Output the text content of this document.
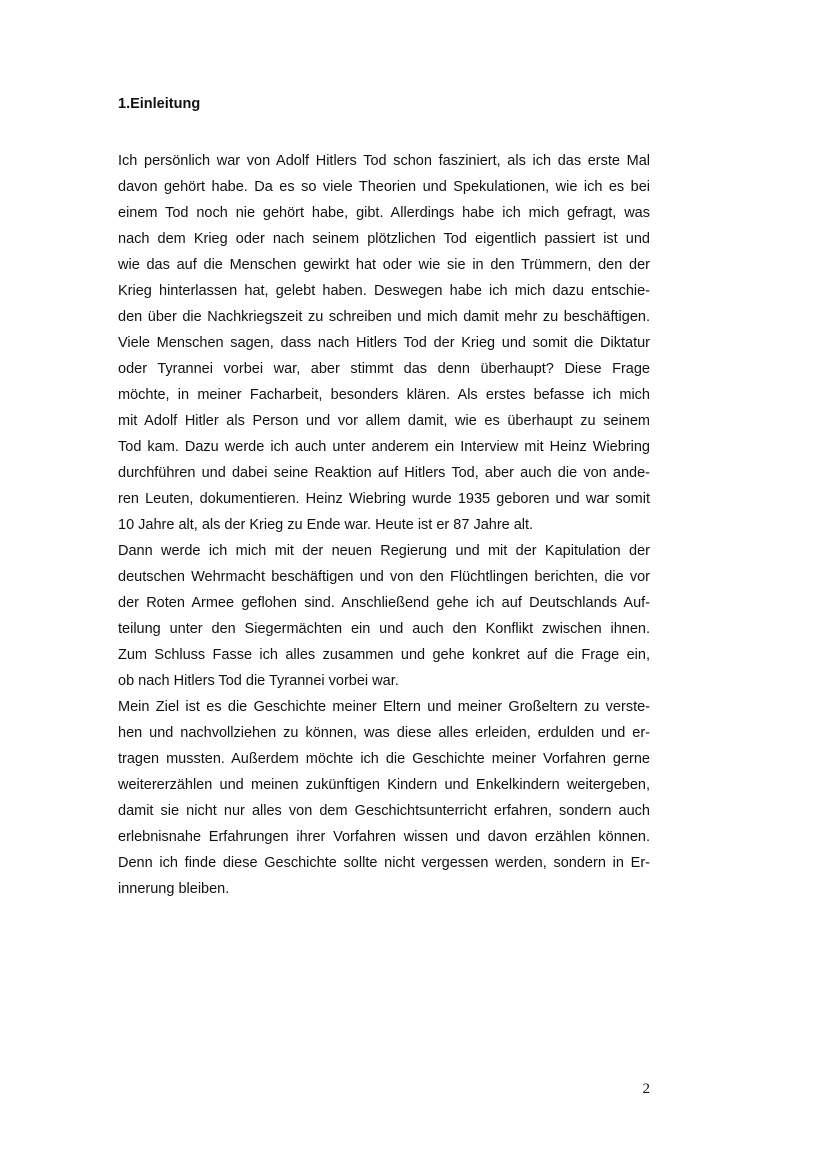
1.Einleitung
Ich persönlich war von Adolf Hitlers Tod schon fasziniert, als ich das erste Mal
davon gehört habe. Da es so viele Theorien und Spekulationen, wie ich es bei
einem Tod noch nie gehört habe, gibt. Allerdings habe ich mich gefragt, was
nach dem Krieg oder nach seinem plötzlichen Tod eigentlich passiert ist und
wie das auf die Menschen gewirkt hat oder wie sie in den Trümmern, den der
Krieg hinterlassen hat, gelebt haben. Deswegen habe ich mich dazu entschie-
den über die Nachkriegszeit zu schreiben und mich damit mehr zu beschäftigen.
Viele Menschen sagen, dass nach Hitlers Tod der Krieg und somit die Diktatur
oder Tyrannei vorbei war, aber stimmt das denn überhaupt? Diese Frage
möchte, in meiner Facharbeit, besonders klären. Als erstes befasse ich mich
mit Adolf Hitler als Person und vor allem damit, wie es überhaupt zu seinem
Tod kam. Dazu werde ich auch unter anderem ein Interview mit Heinz Wiebring
durchführen und dabei seine Reaktion auf Hitlers Tod, aber auch die von ande-
ren Leuten, dokumentieren. Heinz Wiebring wurde 1935 geboren und war somit
10 Jahre alt, als der Krieg zu Ende war. Heute ist er 87 Jahre alt.
Dann werde ich mich mit der neuen Regierung und mit der Kapitulation der
deutschen Wehrmacht beschäftigen und von den Flüchtlingen berichten, die vor
der Roten Armee geflohen sind. Anschließend gehe ich auf Deutschlands Auf-
teilung unter den Siegermächten ein und auch den Konflikt zwischen ihnen.
Zum Schluss Fasse ich alles zusammen und gehe konkret auf die Frage ein,
ob nach Hitlers Tod die Tyrannei vorbei war.
Mein Ziel ist es die Geschichte meiner Eltern und meiner Großeltern zu verste-
hen und nachvollziehen zu können, was diese alles erleiden, erdulden und er-
tragen mussten. Außerdem möchte ich die Geschichte meiner Vorfahren gerne
weitererzählen und meinen zukünftigen Kindern und Enkelkindern weitergeben,
damit sie nicht nur alles von dem Geschichtsunterricht erfahren, sondern auch
erlebnisnahe Erfahrungen ihrer Vorfahren wissen und davon erzählen können.
Denn ich finde diese Geschichte sollte nicht vergessen werden, sondern in Er-
innerung bleiben.
2
